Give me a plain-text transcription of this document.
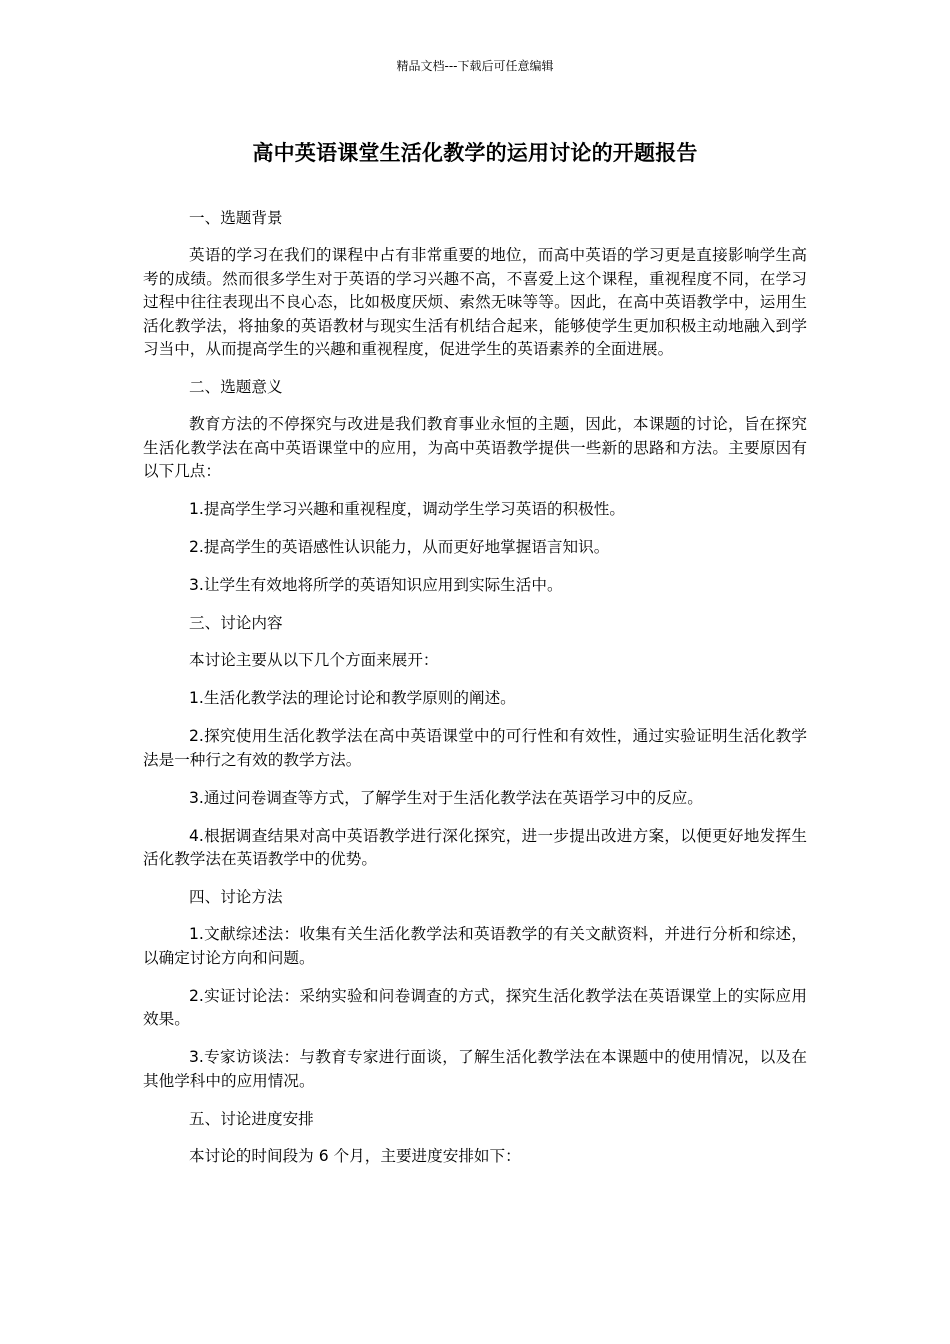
精品文档---下载后可任意编辑
高中英语课堂生活化教学的运用讨论的开题报告

一、选题背景

英语的学习在我们的课程中占有非常重要的地位，而高中英语的学习更是直接影响学生高考的成绩。然而很多学生对于英语的学习兴趣不高，不喜爱上这个课程，重视程度不同，在学习过程中往往表现出不良心态，比如极度厌烦、索然无味等等。因此，在高中英语教学中，运用生活化教学法，将抽象的英语教材与现实生活有机结合起来，能够使学生更加积极主动地融入到学习当中，从而提高学生的兴趣和重视程度，促进学生的英语素养的全面进展。

二、选题意义

教育方法的不停探究与改进是我们教育事业永恒的主题，因此，本课题的讨论，旨在探究生活化教学法在高中英语课堂中的应用，为高中英语教学提供一些新的思路和方法。主要原因有以下几点：

1.提高学生学习兴趣和重视程度，调动学生学习英语的积极性。

2.提高学生的英语感性认识能力，从而更好地掌握语言知识。

3.让学生有效地将所学的英语知识应用到实际生活中。

三、讨论内容

本讨论主要从以下几个方面来展开：

1.生活化教学法的理论讨论和教学原则的阐述。

2.探究使用生活化教学法在高中英语课堂中的可行性和有效性，通过实验证明生活化教学法是一种行之有效的教学方法。

3.通过问卷调查等方式，了解学生对于生活化教学法在英语学习中的反应。

4.根据调查结果对高中英语教学进行深化探究，进一步提出改进方案，以便更好地发挥生活化教学法在英语教学中的优势。

四、讨论方法

1.文献综述法：收集有关生活化教学法和英语教学的有关文献资料，并进行分析和综述，以确定讨论方向和问题。

2.实证讨论法：采纳实验和问卷调查的方式，探究生活化教学法在英语课堂上的实际应用效果。

3.专家访谈法：与教育专家进行面谈，了解生活化教学法在本课题中的使用情况，以及在其他学科中的应用情况。

五、讨论进度安排

本讨论的时间段为 6 个月，主要进度安排如下：
